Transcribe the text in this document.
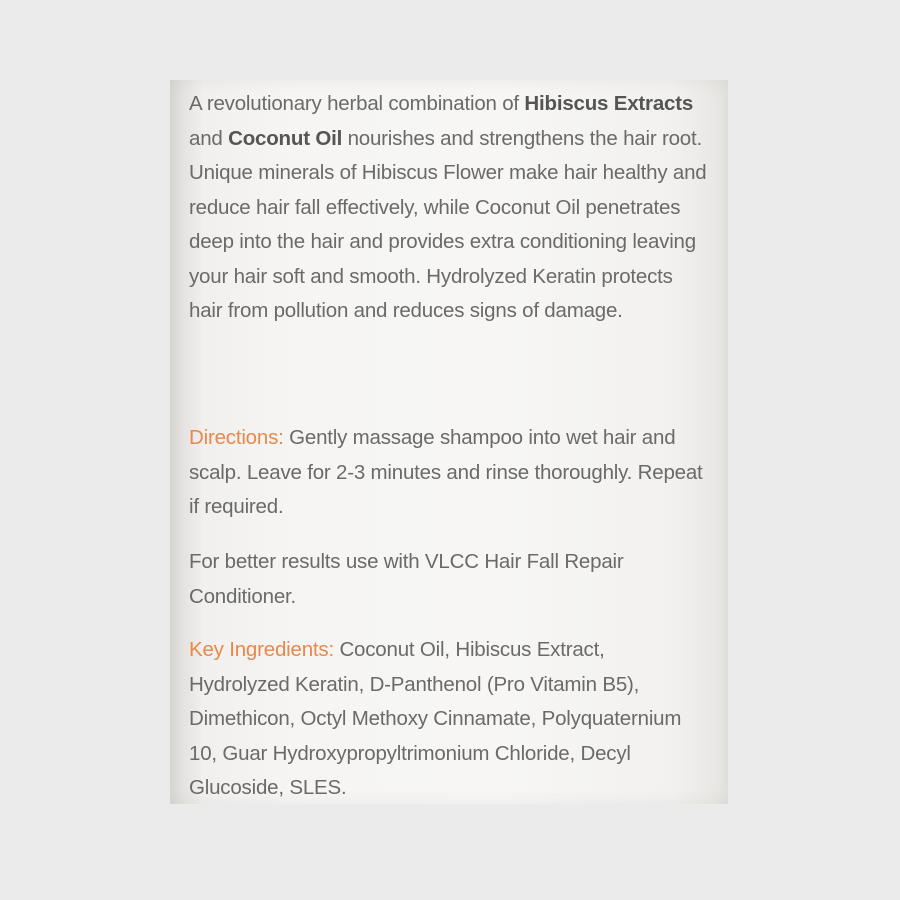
A revolutionary herbal combination of Hibiscus Extracts and Coconut Oil nourishes and strengthens the hair root. Unique minerals of Hibiscus Flower make hair healthy and reduce hair fall effectively, while Coconut Oil penetrates deep into the hair and provides extra conditioning leaving your hair soft and smooth. Hydrolyzed Keratin protects hair from pollution and reduces signs of damage.

Directions: Gently massage shampoo into wet hair and scalp. Leave for 2-3 minutes and rinse thoroughly. Repeat if required.

For better results use with VLCC Hair Fall Repair Conditioner.

Key Ingredients: Coconut Oil, Hibiscus Extract, Hydrolyzed Keratin, D-Panthenol (Pro Vitamin B5), Dimethicon, Octyl Methoxy Cinnamate, Polyquaternium 10, Guar Hydroxypropyltrimonium Chloride, Decyl Glucoside, SLES.
